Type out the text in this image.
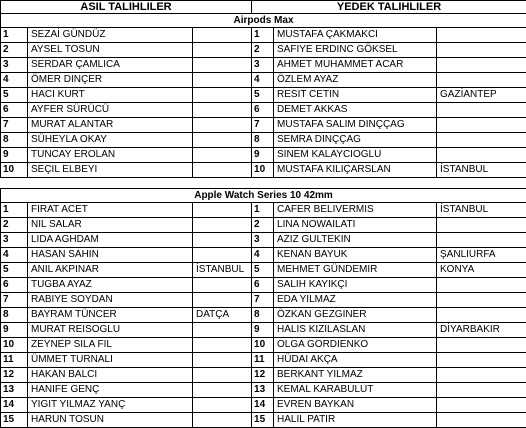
ASIL TALIHLILER			YEDEK TALIHLILER		
Airpods Max					
1	SEZAİ GÜNDÜZ		1	MUSTAFA ÇAKMAKCI	
2	AYSEL TOSUN		2	SAFIYE ERDINC GÖKSEL	
3	SERDAR ÇAMLICA		3	AHMET MUHAMMET ACAR	
4	ÖMER DINÇER		4	ÖZLEM AYAZ	
5	HACI KURT		5	RESIT CETIN	GAZİANTEP
6	AYFER SÜRÜCÜ		6	DEMET AKKAS	
7	MURAT ALANTAR		7	MUSTAFA SALIM DINÇÇAG	
8	SÜHEYLA OKAY		8	SEMRA DINÇÇAG	
9	TUNCAY EROLAN		9	SINEM KALAYCIOGLU	
10	SEÇIL ELBEYI		10	MUSTAFA KILIÇARSLAN	İSTANBUL

Apple Watch Series 10 42mm					
1	FIRAT ACET		1	CAFER BELIVERMIS	İSTANBUL
2	NIL SALAR		2	LINA NOWAILATI	
3	LIDA AGHDAM		3	AZIZ GULTEKIN	
4	HASAN SAHIN		4	KENAN BAYUK	ŞANLIURFA
5	ANIL AKPINAR	İSTANBUL	5	MEHMET GÜNDEMIR	KONYA
6	TUGBA AYAZ		6	SALIH KAYIKÇI	
7	RABIYE SOYDAN		7	EDA YILMAZ	
8	BAYRAM TÜNCER	DATÇA	8	ÖZKAN GEZGINER	
9	MURAT REISOGLU		9	HALIS KIZILASLAN	DİYARBAKIR
10	ZEYNEP SILA FIL		10	OLGA GORDIENKO	
11	ÜMMET TURNALI		11	HÜDAI AKÇA	
12	HAKAN BALCI		12	BERKANT YILMAZ	
13	HANIFE GENÇ		13	KEMAL KARABULUT	
14	YIGIT YILMAZ YANÇ		14	EVREN BAYKAN	
15	HARUN TOSUN		15	HALIL PATIR	
